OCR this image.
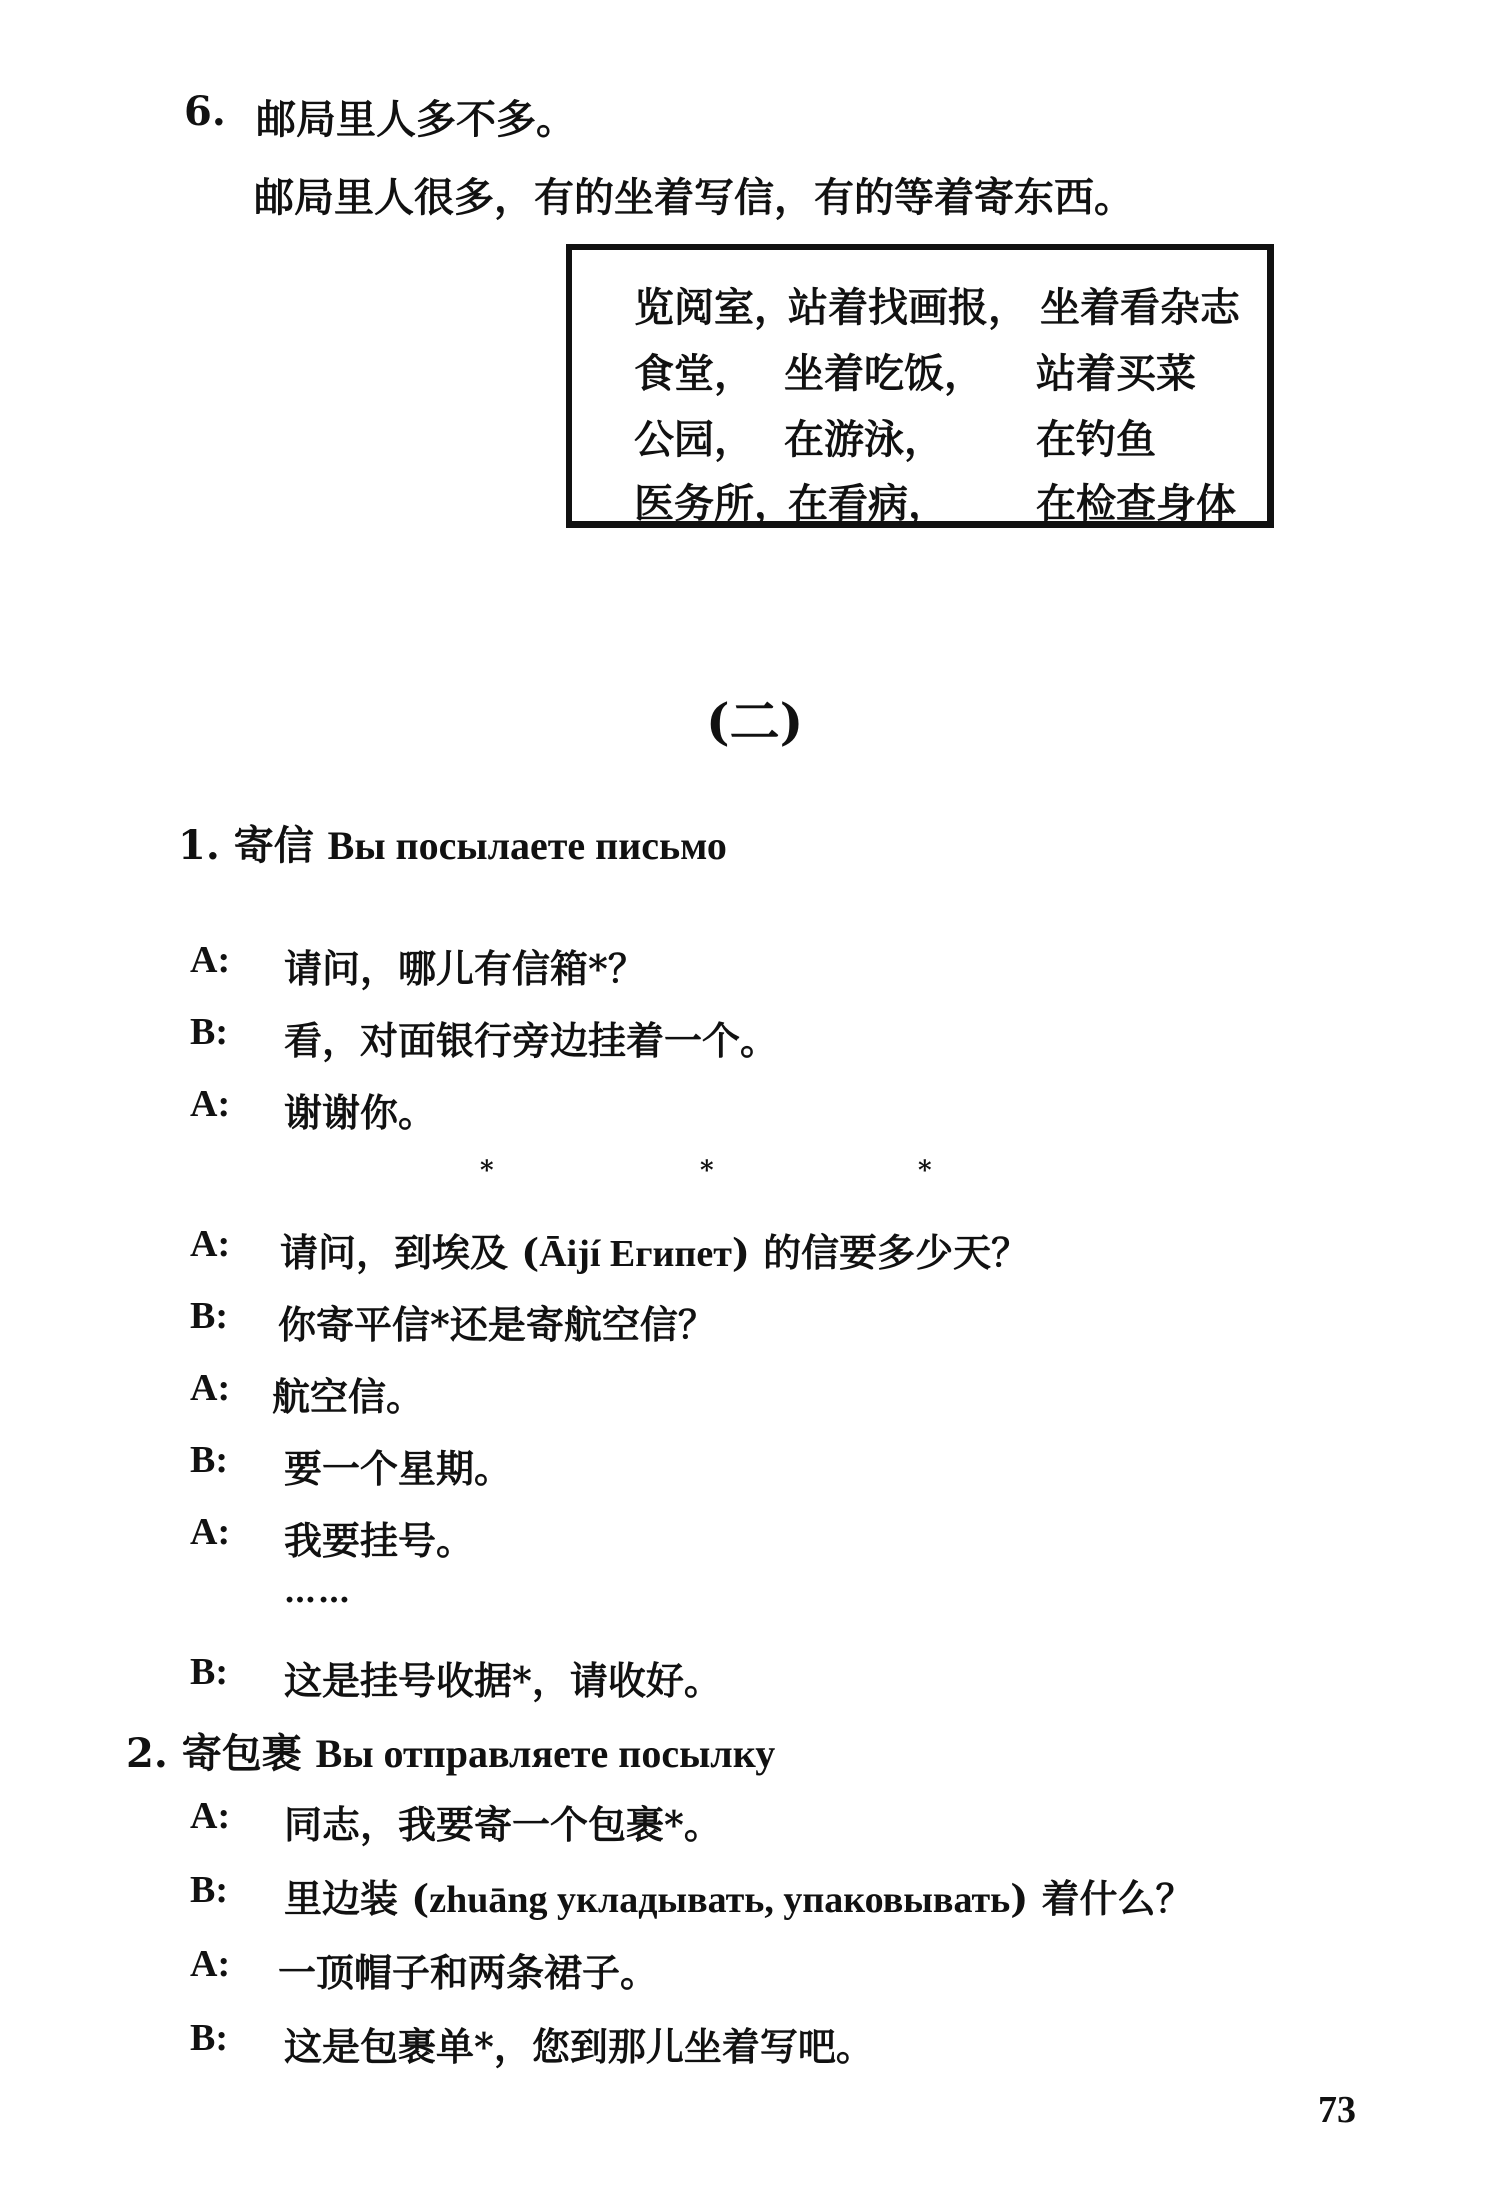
6. 邮局里人多不多。
邮局里人很多，有的坐着写信，有的等着寄东西。
览阅室，
站着找画报， 坐着看杂志
食堂， 坐着吃饭， 站着买菜
公园， 在游泳， 在钓鱼
医务所，
在看病， 在检查身体
(二)
1. 寄信 Вы посылаете письмо
A: 请问，哪儿有信箱*？
B: 看，对面银行旁边挂着一个。
A: 谢谢你。
*	*	*
A: 请问，到埃及 (Āijí Египет) 的信要多少天？
B: 你寄平信*还是寄航空信？
A: 航空信。
B: 要一个星期。
A: 我要挂号。
……
B: 这是挂号收据*，请收好。
2. 寄包裹 Вы отправляете посылку
A: 同志，我要寄一个包裹*。
B: 里边装 (zhuāng укладывать, упаковывать) 着什么？
A: 一顶帽子和两条裙子。
B: 这是包裹单*，您到那儿坐着写吧。
73
